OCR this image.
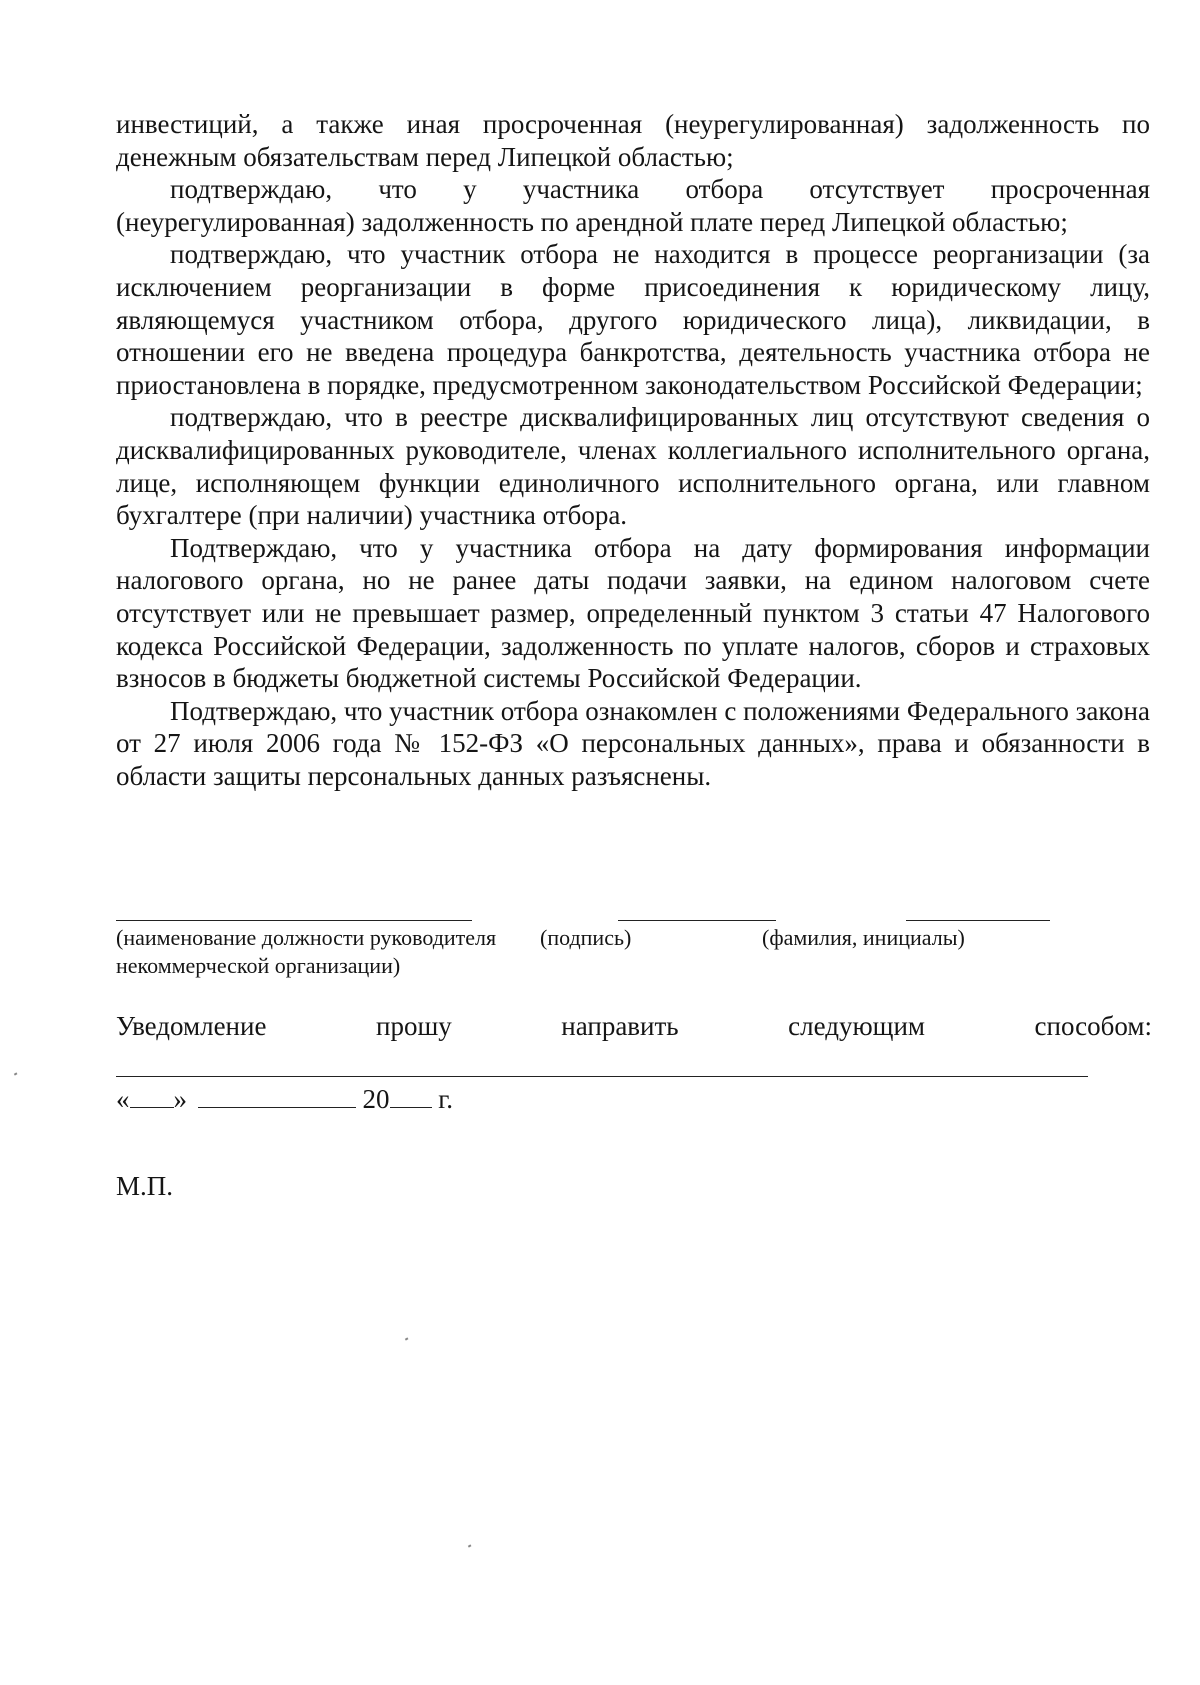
инвестиций, а также иная просроченная (неурегулированная) задолженность по денежным обязательствам перед Липецкой областью;

подтверждаю, что у участника отбора отсутствует просроченная (неурегулированная) задолженность по арендной плате перед Липецкой областью;

подтверждаю, что участник отбора не находится в процессе реорганизации (за исключением реорганизации в форме присоединения к юридическому лицу, являющемуся участником отбора, другого юридического лица), ликвидации, в отношении его не введена процедура банкротства, деятельность участника отбора не приостановлена в порядке, предусмотренном законодательством Российской Федерации;

подтверждаю, что в реестре дисквалифицированных лиц отсутствуют сведения о дисквалифицированных руководителе, членах коллегиального исполнительного органа, лице, исполняющем функции единоличного исполнительного органа, или главном бухгалтере (при наличии) участника отбора.

Подтверждаю, что у участника отбора на дату формирования информации налогового органа, но не ранее даты подачи заявки, на едином налоговом счете отсутствует или не превышает размер, определенный пунктом 3 статьи 47 Налогового кодекса Российской Федерации, задолженность по уплате налогов, сборов и страховых взносов в бюджеты бюджетной системы Российской Федерации.

Подтверждаю, что участник отбора ознакомлен с положениями Федерального закона от 27 июля 2006 года № 152-ФЗ «О персональных данных», права и обязанности в области защиты персональных данных разъяснены.

(наименование должности руководителя
некоммерческой организации)
(подпись)	(фамилия, инициалы)
Уведомление	прошу	направить	следующим	способом:
« »	20 г.
М.П.
